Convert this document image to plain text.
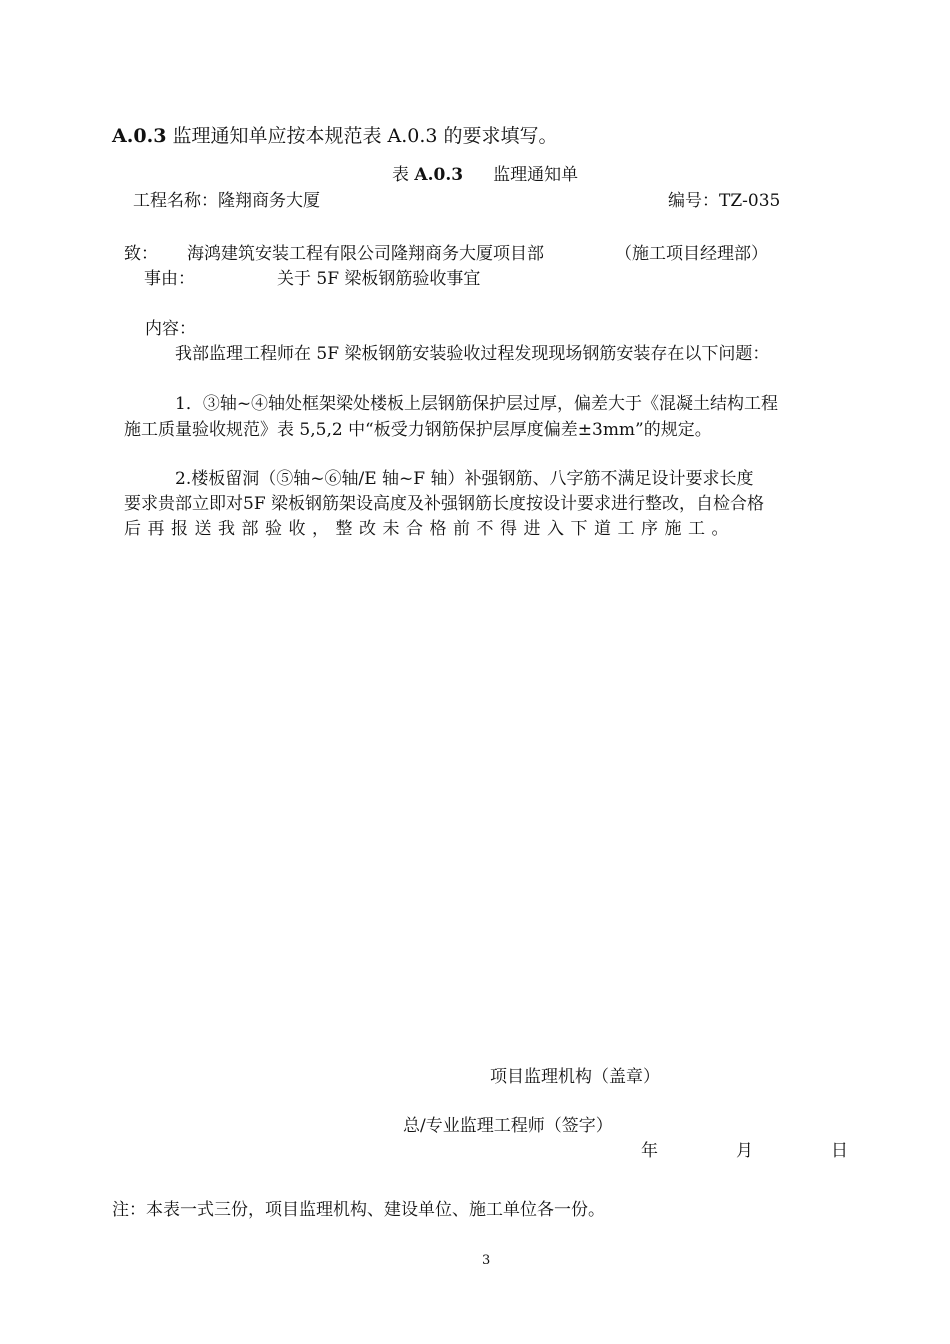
A.0.3 监理通知单应按本规范表 A.0.3 的要求填写。
表 A.0.3 监理通知单
工程名称：隆翔商务大厦	编号：TZ-035
致： 海鸿建筑安装工程有限公司隆翔商务大厦项目部	（施工项目经理部）
事由：	关于 5F 梁板钢筋验收事宜
内容：
我部监理工程师在 5F 梁板钢筋安装验收过程发现现场钢筋安装存在以下问题：
1．③轴~④轴处框架梁处楼板上层钢筋保护层过厚，偏差大于《混凝土结构工程
施工质量验收规范》表 5,5,2 中“板受力钢筋保护层厚度偏差±3mm”的规定。
2.楼板留洞（⑤轴~⑥轴/E 轴~F 轴）补强钢筋、八字筋不满足设计要求长度
要求贵部立即对5F 梁板钢筋架设高度及补强钢筋长度按设计要求进行整改，自检合格
后再报送我部验收，整改未合格前不得进入下道工序施工。
项目监理机构（盖章）
总/专业监理工程师（签字）
年	月	日
注：本表一式三份，项目监理机构、建设单位、施工单位各一份。
3
